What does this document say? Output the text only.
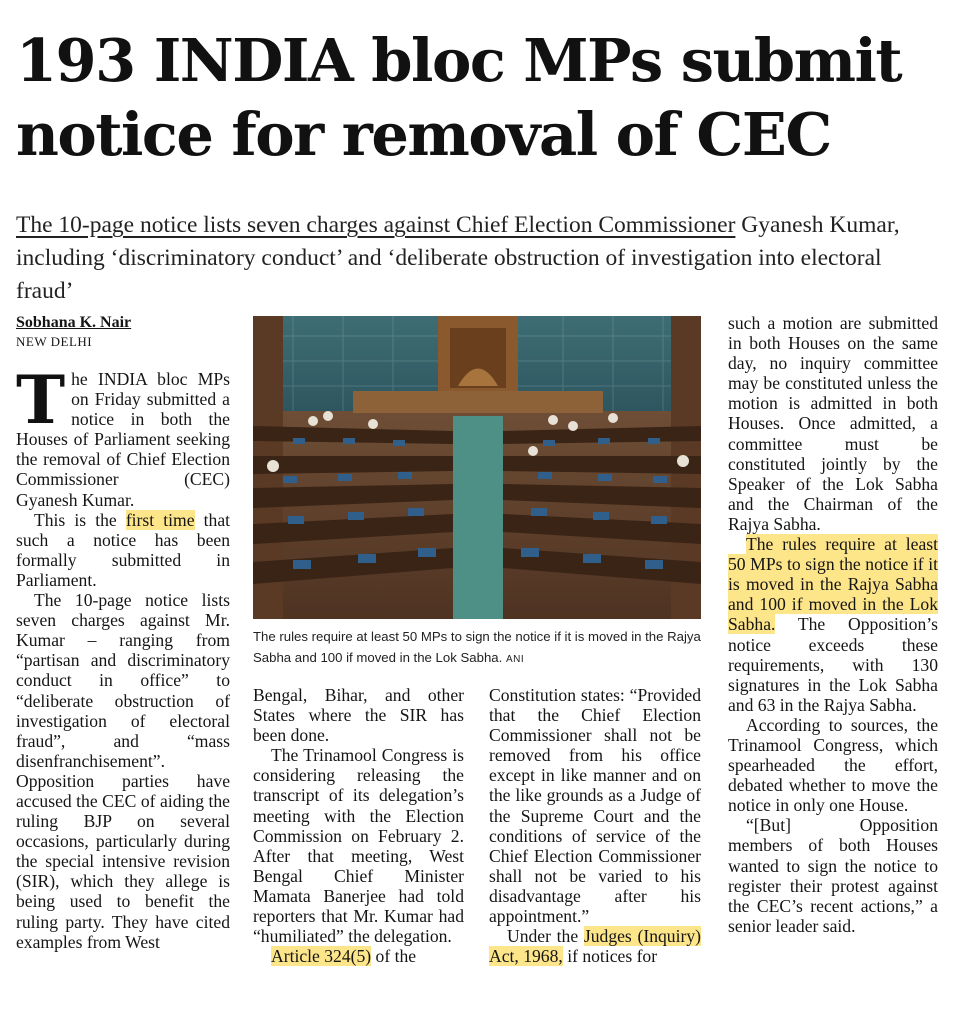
193 INDIA bloc MPs submit notice for removal of CEC
The 10-page notice lists seven charges against Chief Election Commissioner Gyanesh Kumar, including ‘discriminatory conduct’ and ‘deliberate obstruction of investigation into electoral fraud’
Sobhana K. Nair
NEW DELHI

The INDIA bloc MPs on Friday submitted a notice in both the Houses of Parliament seeking the removal of Chief Election Commissioner (CEC) Gyanesh Kumar.

This is the first time that such a notice has been formally submitted in Parliament.

The 10-page notice lists seven charges against Mr. Kumar – ranging from “partisan and discriminatory conduct in office” to “deliberate obstruction of investigation of electoral fraud”, and “mass disenfranchisement”. Opposition parties have accused the CEC of aiding the ruling BJP on several occasions, particularly during the special intensive revision (SIR), which they allege is being used to benefit the ruling party. They have cited examples from West

The rules require at least 50 MPs to sign the notice if it is moved in the Rajya Sabha and 100 if moved in the Lok Sabha. ANI

Bengal, Bihar, and other States where the SIR has been done.

The Trinamool Congress is considering releasing the transcript of its delegation’s meeting with the Election Commission on February 2. After that meeting, West Bengal Chief Minister Mamata Banerjee had told reporters that Mr. Kumar had “humiliated” the delegation.

Article 324(5) of the

Constitution states: “Provided that the Chief Election Commissioner shall not be removed from his office except in like manner and on the like grounds as a Judge of the Supreme Court and the conditions of service of the Chief Election Commissioner shall not be varied to his disadvantage after his appointment.”

Under the Judges (Inquiry) Act, 1968, if notices for

such a motion are submitted in both Houses on the same day, no inquiry committee may be constituted unless the motion is admitted in both Houses. Once admitted, a committee must be constituted jointly by the Speaker of the Lok Sabha and the Chairman of the Rajya Sabha.

The rules require at least 50 MPs to sign the notice if it is moved in the Rajya Sabha and 100 if moved in the Lok Sabha. The Opposition’s notice exceeds these requirements, with 130 signatures in the Lok Sabha and 63 in the Rajya Sabha.

According to sources, the Trinamool Congress, which spearheaded the effort, debated whether to move the notice in only one House.

“[But] Opposition members of both Houses wanted to sign the notice to register their protest against the CEC’s recent actions,” a senior leader said.
